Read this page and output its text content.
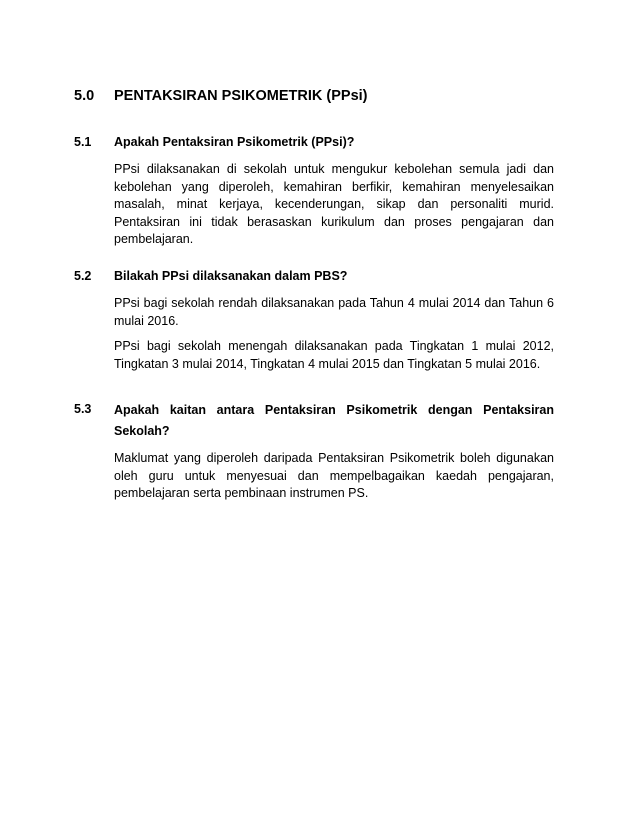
5.0 PENTAKSIRAN PSIKOMETRIK (PPsi)
5.1	Apakah Pentaksiran Psikometrik (PPsi)?
PPsi dilaksanakan di sekolah untuk mengukur kebolehan semula jadi dan kebolehan yang diperoleh, kemahiran berfikir, kemahiran menyelesaikan masalah, minat kerjaya, kecenderungan, sikap dan personaliti murid. Pentaksiran ini tidak berasaskan kurikulum dan proses pengajaran dan pembelajaran.
5.2	Bilakah PPsi dilaksanakan dalam PBS?
PPsi bagi sekolah rendah dilaksanakan pada Tahun 4 mulai 2014 dan Tahun 6 mulai 2016.
PPsi bagi sekolah menengah dilaksanakan pada Tingkatan 1 mulai 2012, Tingkatan 3 mulai 2014, Tingkatan 4 mulai 2015 dan Tingkatan 5 mulai 2016.
5.3	Apakah kaitan antara Pentaksiran Psikometrik dengan Pentaksiran Sekolah?
Maklumat yang diperoleh daripada Pentaksiran Psikometrik boleh digunakan oleh guru untuk menyesuai dan mempelbagaikan kaedah pengajaran, pembelajaran serta pembinaan instrumen PS.
